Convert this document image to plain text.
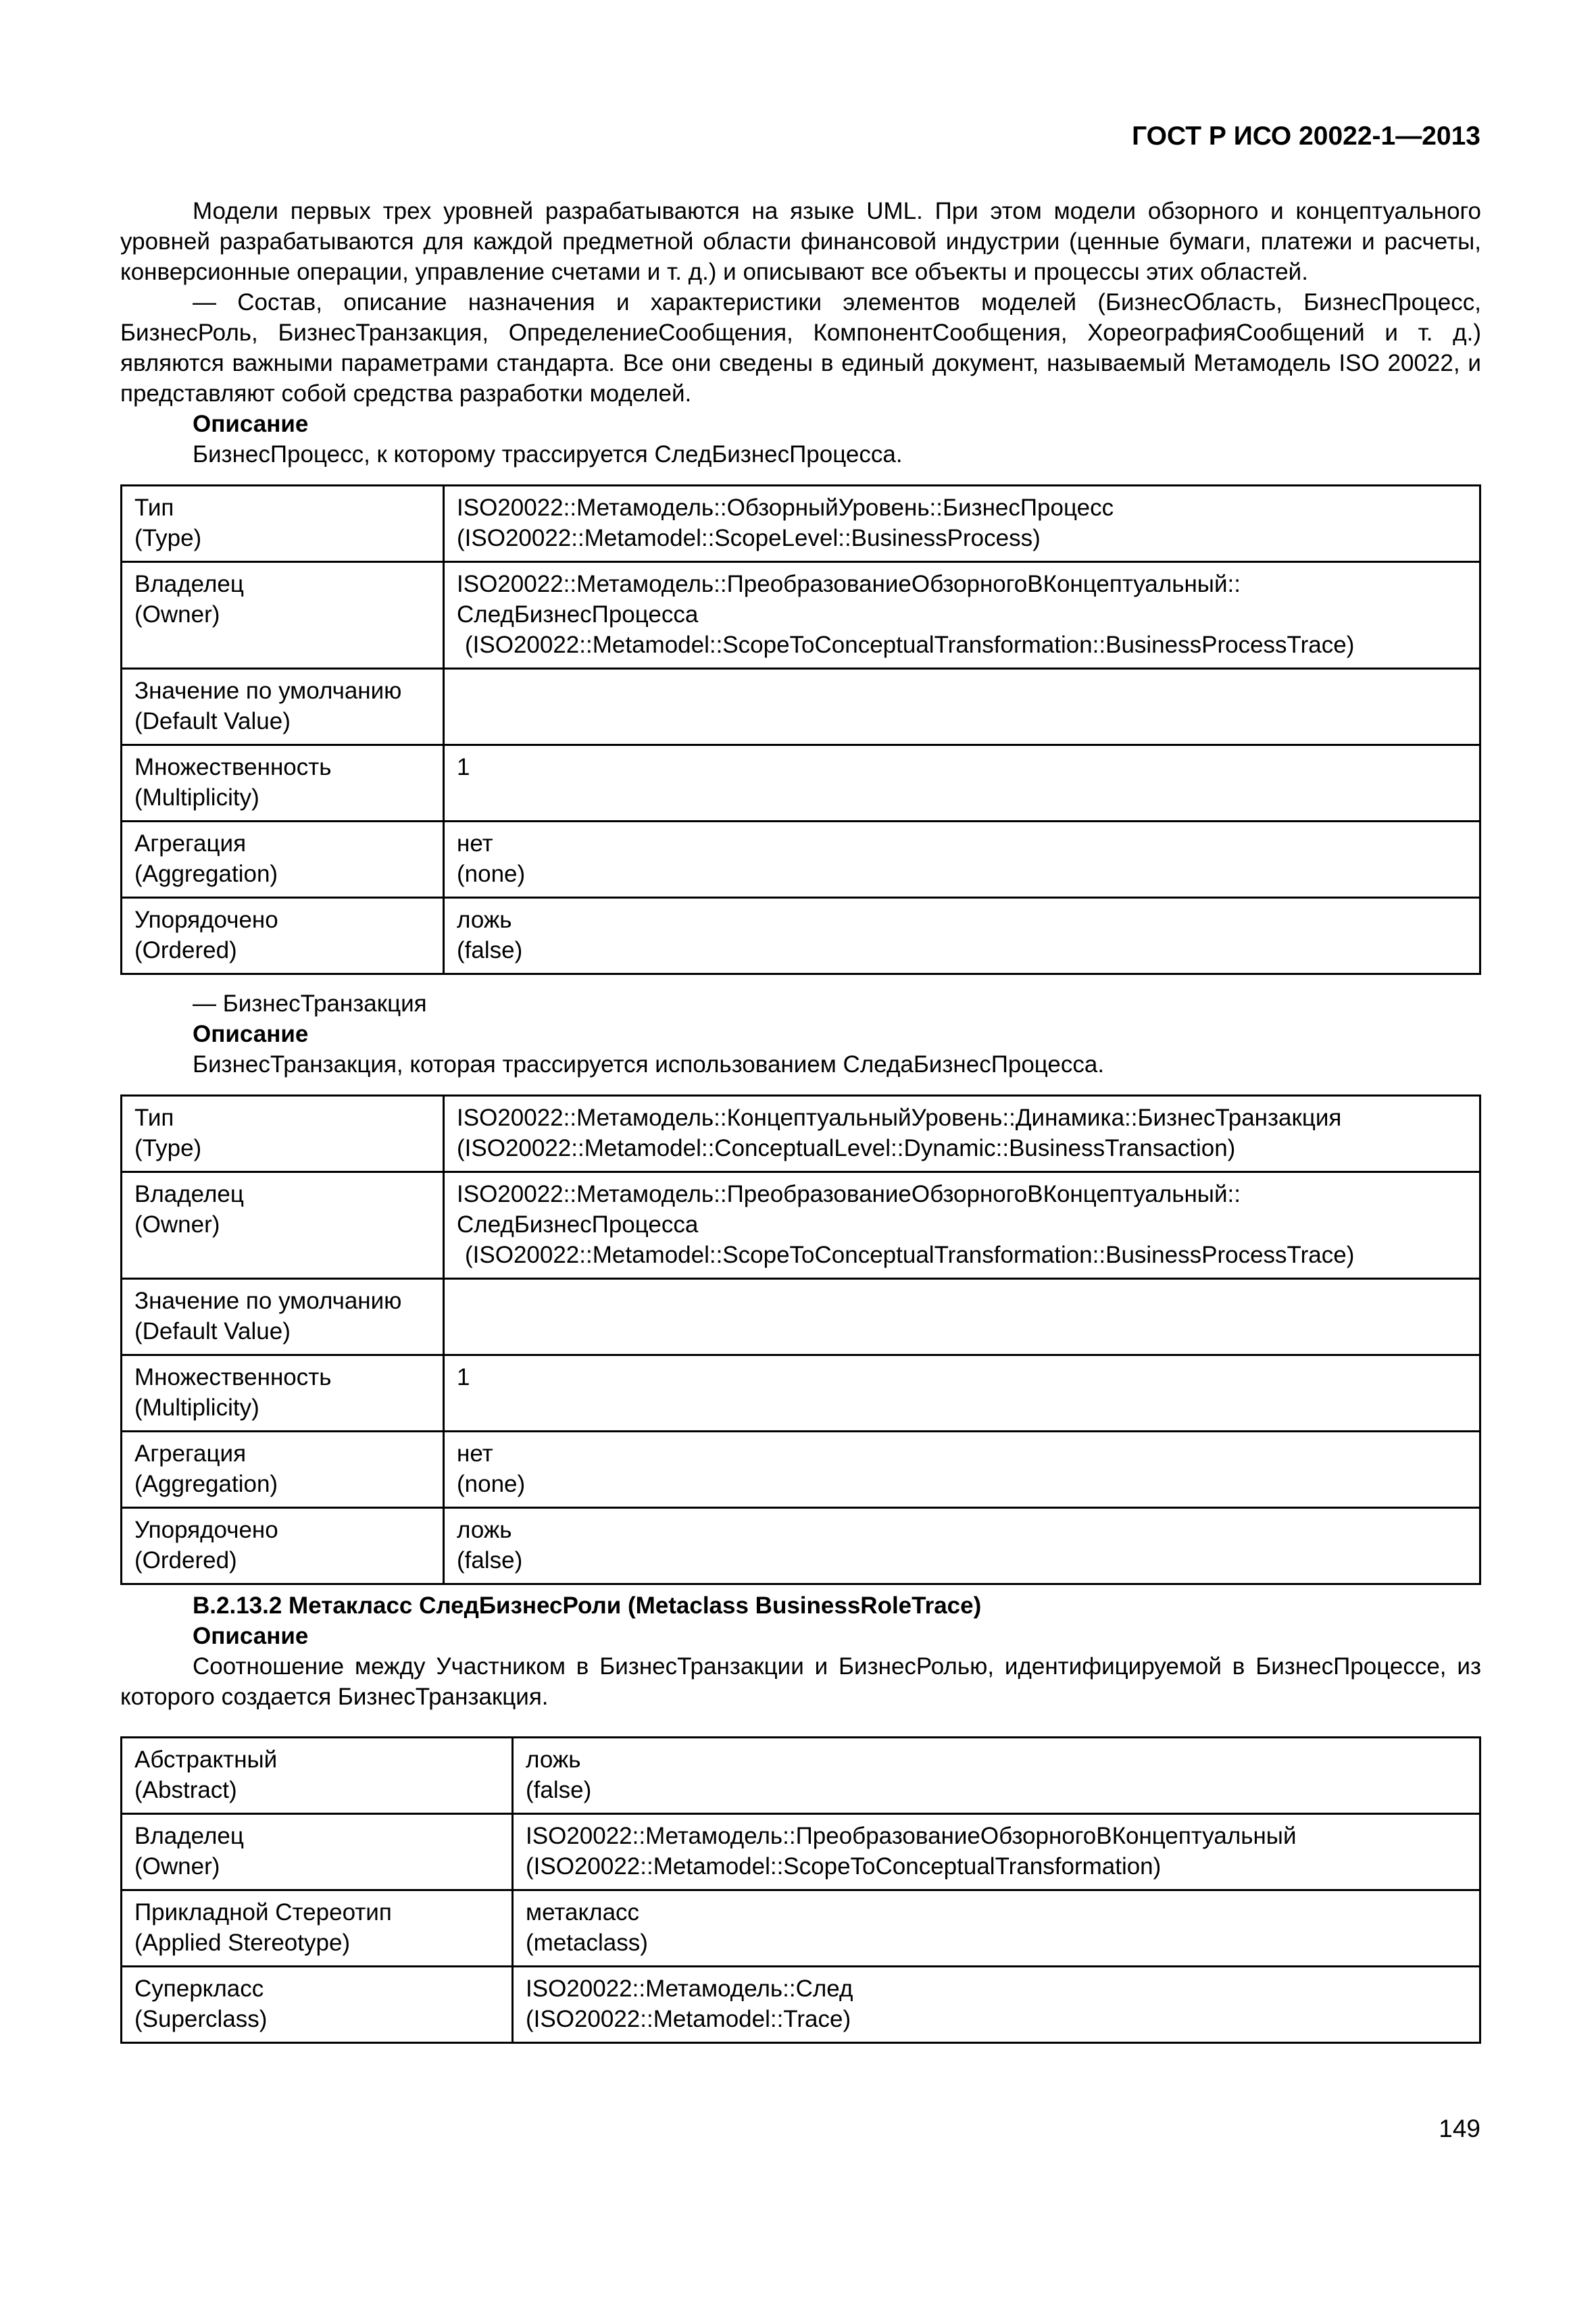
ГОСТ Р ИСО 20022-1—2013

Модели первых трех уровней разрабатываются на языке UML. При этом модели обзорного и концептуального уровней разрабатываются для каждой предметной области финансовой индустрии (ценные бумаги, платежи и расчеты, конверсионные операции, управление счетами и т. д.) и описывают все объекты и процессы этих областей.

— Состав, описание назначения и характеристики элементов моделей (БизнесОбласть, БизнесПроцесс, БизнесРоль, БизнесТранзакция, ОпределениеСообщения, КомпонентСообщения, ХореографияСообщений и т. д.) являются важными параметрами стандарта. Все они сведены в единый документ, называемый Метамодель ISO 20022, и представляют собой средства разработки моделей.

Описание

БизнесПроцесс, к которому трассируется СледБизнесПроцесса.

Тип
(Type)	ISO20022::Метамодель::ОбзорныйУровень::БизнесПроцесс
(ISO20022::Metamodel::ScopeLevel::BusinessProcess)

Владелец
(Owner)	ISO20022::Метамодель::ПреобразованиеОбзорногоВКонцептуальный::
СледБизнесПроцесса
(ISO20022::Metamodel::ScopeToConceptualTransformation::BusinessProcessTrace)

Значение по умолчанию
(Default Value)	

Множественность
(Multiplicity)	1

Агрегация
(Aggregation)	нет
(none)

Упорядочено
(Ordered)	ложь
(false)

— БизнесТранзакция

Описание

БизнесТранзакция, которая трассируется использованием СледаБизнесПроцесса.

Тип
(Type)	ISO20022::Метамодель::КонцептуальныйУровень::Динамика::БизнесТранзакция
(ISO20022::Metamodel::ConceptualLevel::Dynamic::BusinessTransaction)

Владелец
(Owner)	ISO20022::Метамодель::ПреобразованиеОбзорногоВКонцептуальный::
СледБизнесПроцесса
(ISO20022::Metamodel::ScopeToConceptualTransformation::BusinessProcessTrace)

Значение по умолчанию
(Default Value)	

Множественность
(Multiplicity)	1

Агрегация
(Aggregation)	нет
(none)

Упорядочено
(Ordered)	ложь
(false)

В.2.13.2 Метакласс СледБизнесРоли (Metaclass BusinessRoleTrace)

Описание

Соотношение между Участником в БизнесТранзакции и БизнесРолью, идентифицируемой в БизнесПроцессе, из которого создается БизнесТранзакция.

Абстрактный
(Abstract)	ложь
(false)

Владелец
(Owner)	ISO20022::Метамодель::ПреобразованиеОбзорногоВКонцептуальный
(ISO20022::Metamodel::ScopeToConceptualTransformation)

Прикладной Стереотип
(Applied Stereotype)	метакласс
(metaclass)

Суперкласс
(Superclass)	ISO20022::Метамодель::След
(ISO20022::Metamodel::Trace)
149
